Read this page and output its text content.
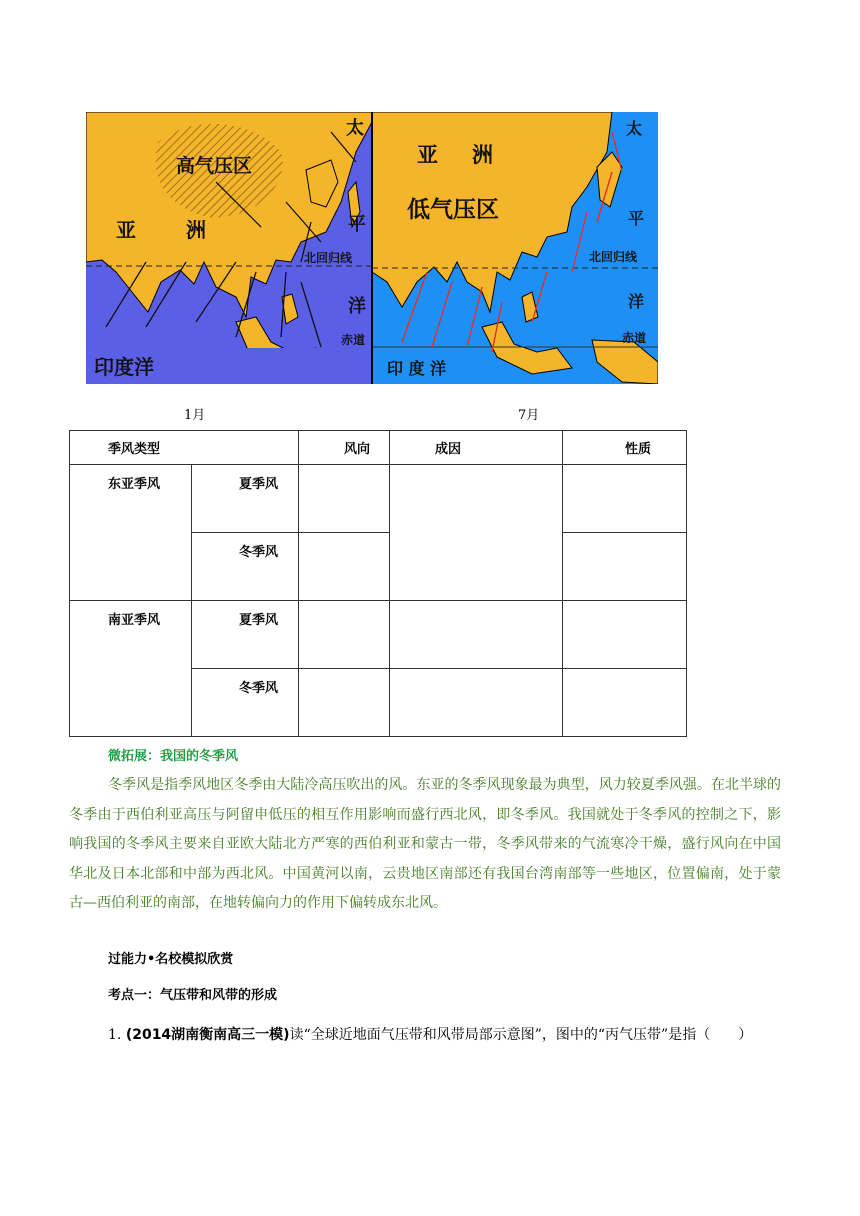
高气压区
亚	洲
太
平
洋
北回归线
赤道
印度洋
亚 洲
低气压区
太
平
洋
北回归线
赤道
印 度 洋
1月	7月
季风类型		风向	成因	性质

东亚季风	夏季风			

	冬季风			

南亚季风	夏季风			

	冬季风			

微拓展：我国的冬季风
冬季风是指季风地区冬季由大陆冷高压吹出的风。东亚的冬季风现象最为典型，风力较夏季风强。在北半球的冬季由于西伯利亚高压与阿留申低压的相互作用影响而盛行西北风，即冬季风。我国就处于冬季风的控制之下，影响我国的冬季风主要来自亚欧大陆北方严寒的西伯利亚和蒙古一带，冬季风带来的气流寒冷干燥，盛行风向在中国华北及日本北部和中部为西北风。中国黄河以南，云贵地区南部还有我国台湾南部等一些地区，位置偏南，处于蒙古—西伯利亚的南部，在地转偏向力的作用下偏转成东北风。
过能力•名校模拟欣赏
考点一：气压带和风带的形成
1. (2014湖南衡南高三一模)读“全球近地面气压带和风带局部示意图”，图中的“丙气压带”是指（　　）
